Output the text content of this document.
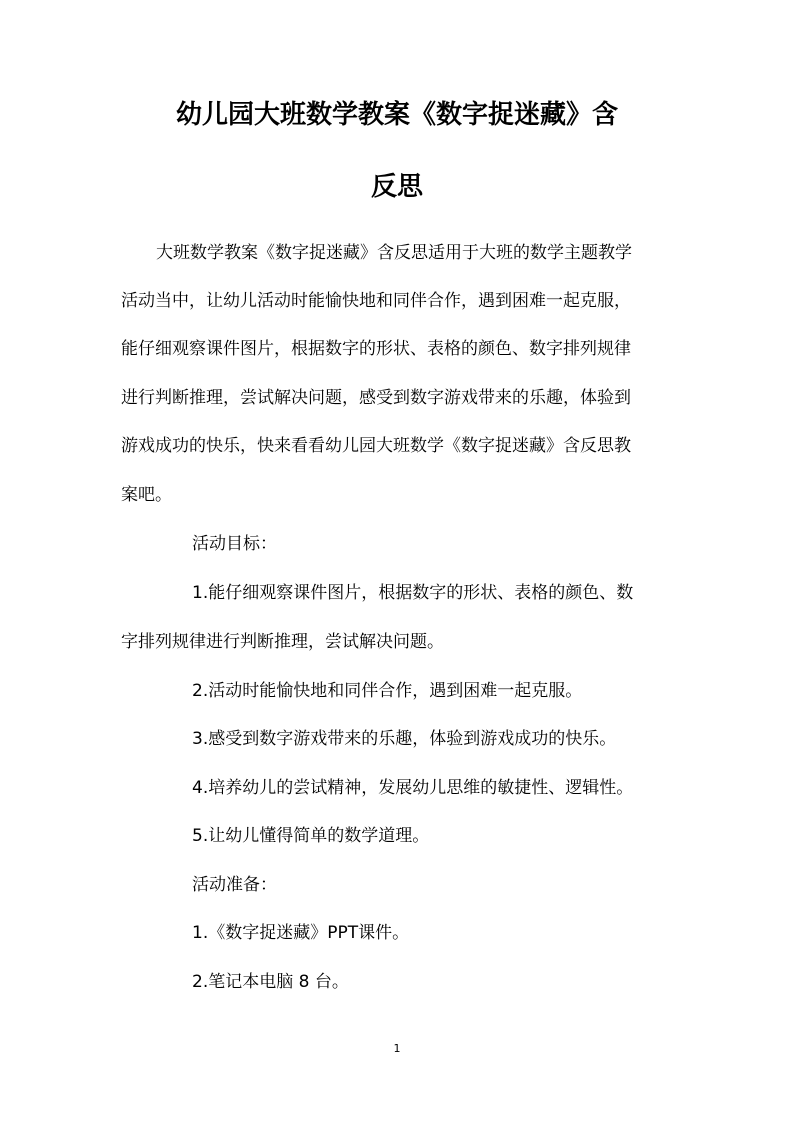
幼儿园大班数学教案《数字捉迷藏》含
反思
大班数学教案《数字捉迷藏》含反思适用于大班的数学主题教学
活动当中，让幼儿活动时能愉快地和同伴合作，遇到困难一起克服，
能仔细观察课件图片，根据数字的形状、表格的颜色、数字排列规律
进行判断推理，尝试解决问题，感受到数字游戏带来的乐趣，体验到
游戏成功的快乐，快来看看幼儿园大班数学《数字捉迷藏》含反思教
案吧。
活动目标：
1.能仔细观察课件图片，根据数字的形状、表格的颜色、数
字排列规律进行判断推理，尝试解决问题。
2.活动时能愉快地和同伴合作，遇到困难一起克服。
3.感受到数字游戏带来的乐趣，体验到游戏成功的快乐。
4.培养幼儿的尝试精神，发展幼儿思维的敏捷性、逻辑性。
5.让幼儿懂得简单的数学道理。
活动准备：
1.《数字捉迷藏》PPT课件。
2.笔记本电脑 8 台。
1
